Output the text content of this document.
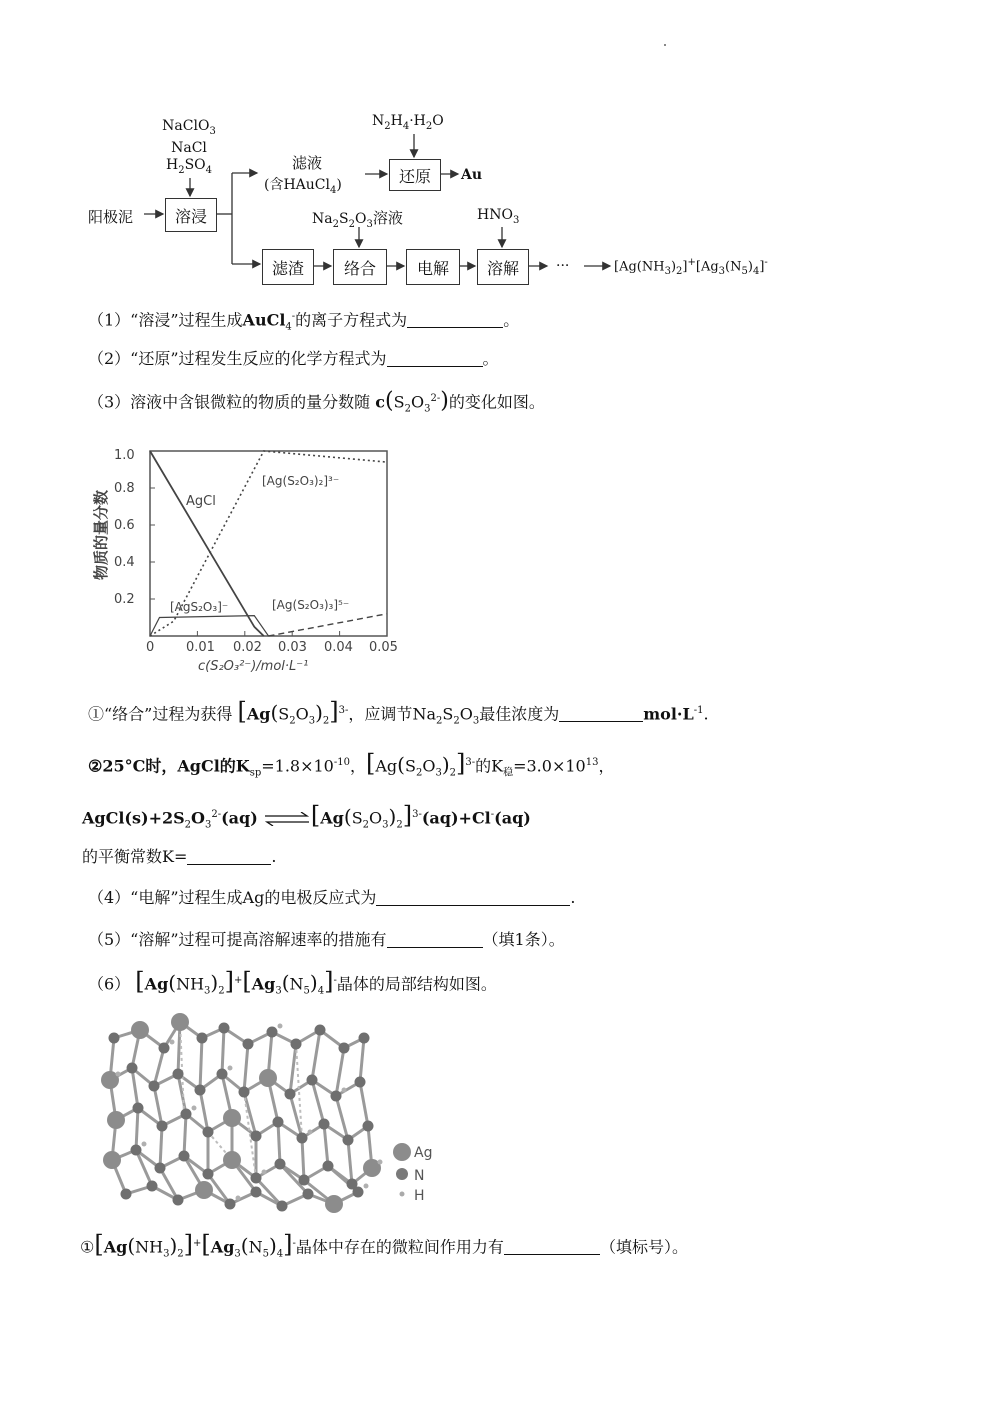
NaClO$_3$
NaCl
$H_2SO_4$
$N_2H_4\cdot H_2O$
$Na_2S_2O_3$溶液	$HNO_3$
阳极泥	溶浸
还原
滤渣	络合	电解	溶解
滤液
(含HAuCl$_4$)
Au
···	$[Ag(NH_3)_2]^+[Ag_3(N_5)_4]^-$
（1）“溶浸”过程生成AuCl$_4$-的离子方程式为	。
（2）“还原”过程发生反应的化学方程式为	。
（3）溶液中含银微粒的物质的量分数随 $c(S_2O_3^{2-})$的变化如图。
物质的量分数
1.0
0.8
0.6
0.4
0.2
0 0.01 0.02 0.03 0.04 0.05
c(S₂O₃²⁻)/mol·L⁻¹
AgCl
[Ag(S₂O₃)₂]³⁻
[AgS₂O₃]⁻	[Ag(S₂O₃)₃]⁵⁻
①“络合”过程为获得 $[Ag(S_2O_3)_2]^{3-}$，应调节$Na_2S_2O_3$最佳浓度为	$mol\cdot L^{-1}$.
②25°C时，AgCl的$K_{sp}=1.8\times 10^{-10}$，$[Ag(S_2O_3)_2]^{3-}$的$K_稳=3.0\times 10^{13}$，
$AgCl(s)+2S_2O_3^{2-}(aq)$ $\rightleftharpoons[Ag(S_2O_3)_2]^{3-}(aq)+Cl^-(aq)$
的平衡常数K=	.
（4）“电解”过程生成Ag的电极反应式为	.
（5）“溶解”过程可提高溶解速率的措施有	（填1条）。
（6） $[Ag(NH_3)_2]^+[Ag_3(N_5)_4]^-$晶体的局部结构如图。
Ag
N
H
$①[Ag(NH_3)_2]^+[Ag_3(N_5)_4]^-$晶体中存在的微粒间作用力有	（填标号）。
